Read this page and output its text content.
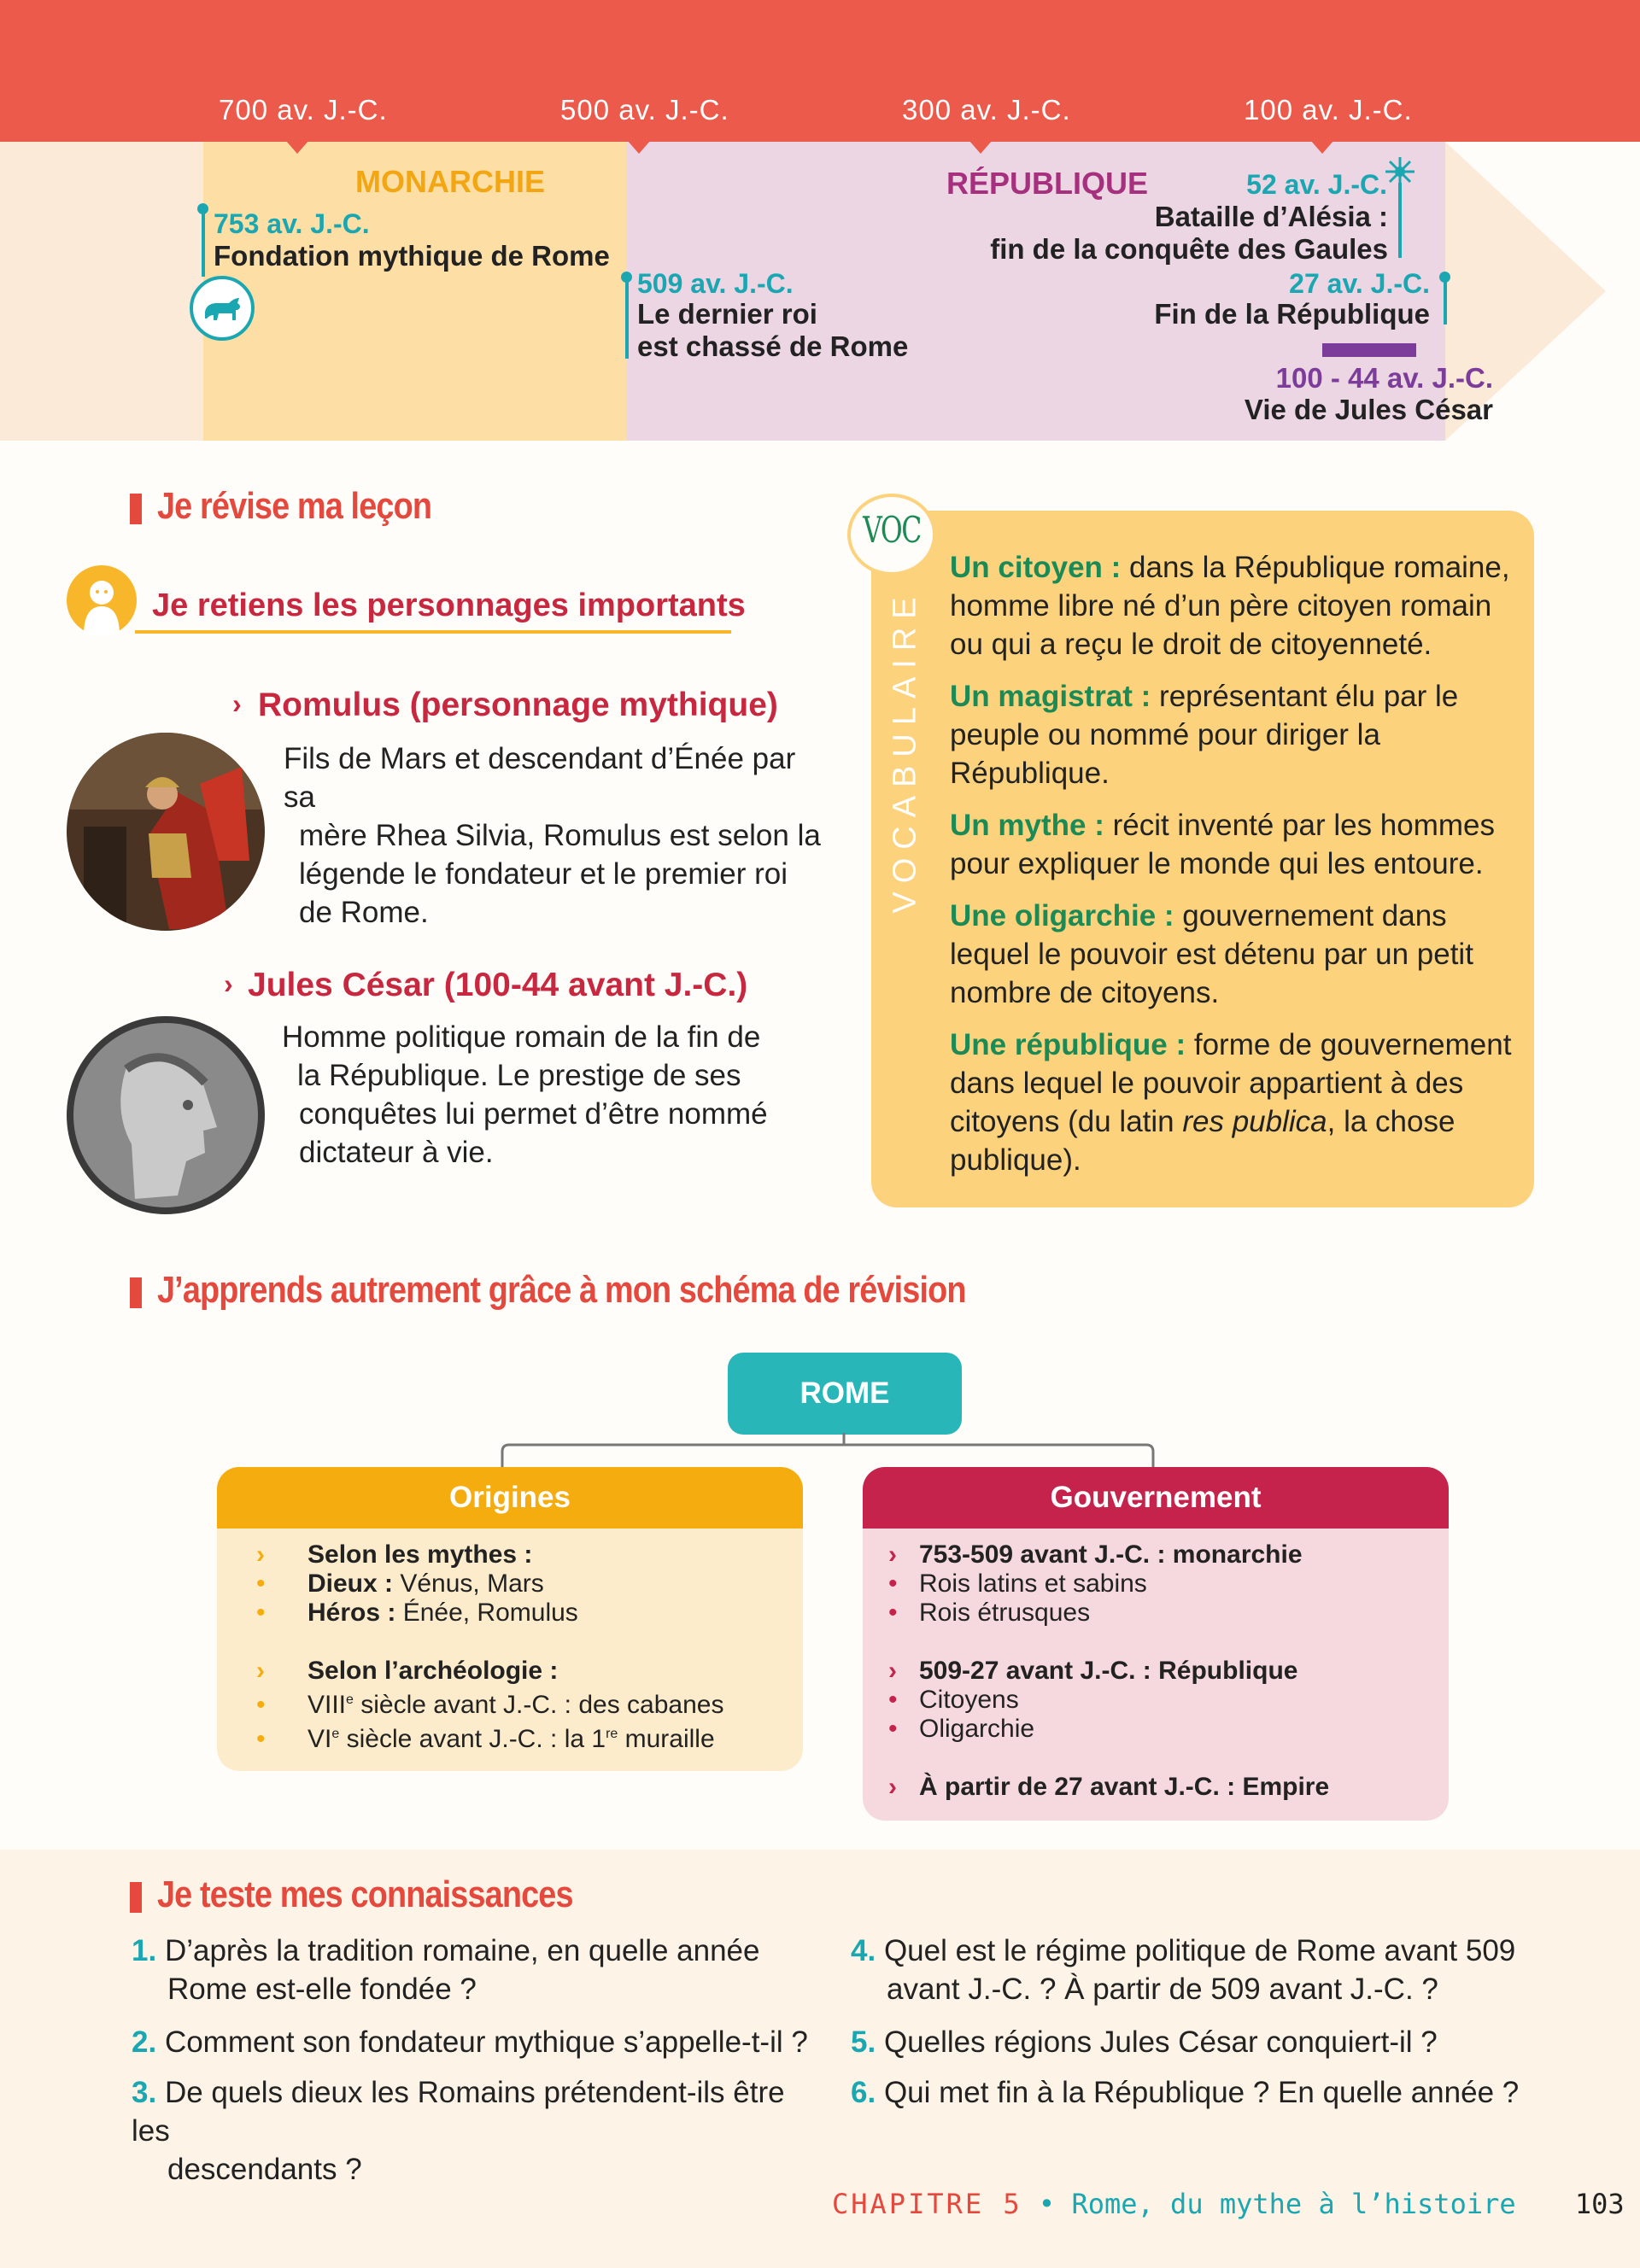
700 av. J.-C.	500 av. J.-C.	300 av. J.-C.	100 av. J.-C.
MONARCHIE	RÉPUBLIQUE
753 av. J.-C.
Fondation mythique de Rome
509 av. J.-C.
Le dernier roi
est chassé de Rome
52 av. J.-C.
Bataille d’Alésia :
fin de la conquête des Gaules
27 av. J.-C.
Fin de la République
100 - 44 av. J.-C.
Vie de Jules César
Je révise ma leçon
Je retiens les personnages importants
› Romulus (personnage mythique)
Fils de Mars et descendant d’Énée par sa
mère Rhea Silvia, Romulus est selon la
légende le fondateur et le premier roi
de Rome.
› Jules César (100-44 avant J.-C.)
Homme politique romain de la fin de
la République. Le prestige de ses
conquêtes lui permet d’être nommé
dictateur à vie.
VOC
VOCABULAIRE

Un citoyen : dans la République romaine, homme libre né d’un père citoyen romain ou qui a reçu le droit de citoyenneté.

Un magistrat : représentant élu par le peuple ou nommé pour diriger la République.

Un mythe : récit inventé par les hommes pour expliquer le monde qui les entoure.

Une oligarchie : gouvernement dans lequel le pouvoir est détenu par un petit nombre de citoyens.

Une république : forme de gouvernement dans lequel le pouvoir appartient à des citoyens (du latin res publica, la chose publique).

J’apprends autrement grâce à mon schéma de révision
ROME
Origines
› Selon les mythes :
• Dieux : Vénus, Mars
• Héros : Énée, Romulus
› Selon l’archéologie :
• VIIIe siècle avant J.-C. : des cabanes
• VIe siècle avant J.-C. : la 1re muraille
Gouvernement
› 753-509 avant J.-C. : monarchie
• Rois latins et sabins
• Rois étrusques
› 509-27 avant J.-C. : République
• Citoyens
• Oligarchie
› À partir de 27 avant J.-C. : Empire
Je teste mes connaissances
1. D’après la tradition romaine, en quelle année
Rome est-elle fondée ?
2. Comment son fondateur mythique s’appelle-t-il ?
3. De quels dieux les Romains prétendent-ils être les
descendants ?
4. Quel est le régime politique de Rome avant 509
avant J.-C. ? À partir de 509 avant J.-C. ?
5. Quelles régions Jules César conquiert-il ?
6. Qui met fin à la République ? En quelle année ?
CHAPITRE 5 • Rome, du mythe à l’histoire 103
